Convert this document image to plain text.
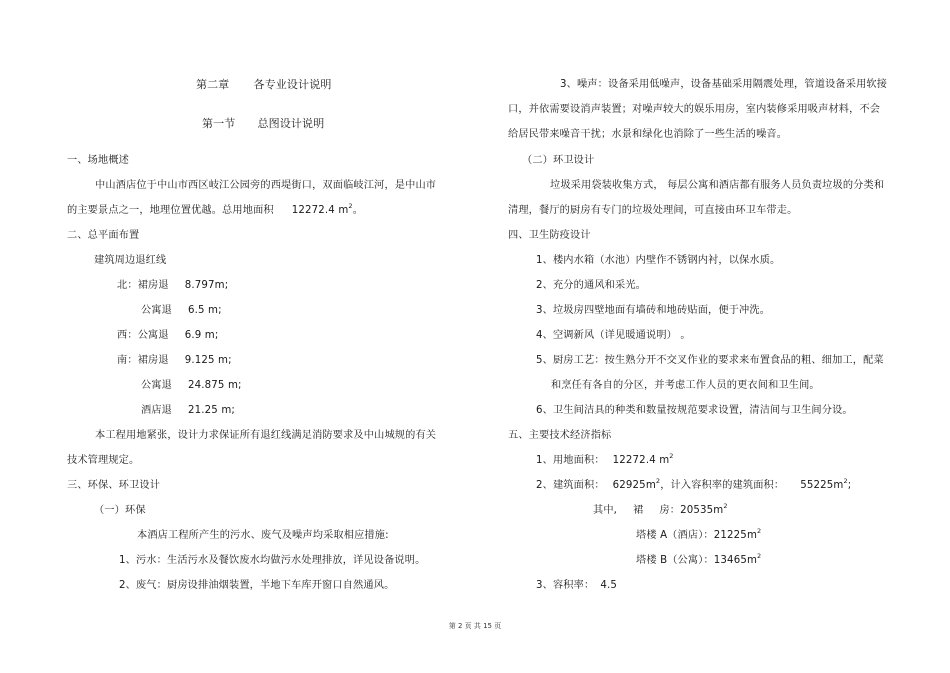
第二章 各专业设计说明
第一节 总图设计说明
一、场地概述
中山酒店位于中山市西区岐江公园旁的西堤街口，双面临岐江河，是中山市
的主要景点之一，地理位置优越。总用地面积 12272.4 $m^2$。
二、总平面布置
建筑周边退红线
北：裙房退 8.797m;
公寓退 6.5 m;
西：公寓退 6.9 m;
南：裙房退 9.125 m;
公寓退 24.875 m;
酒店退 21.25 m;
本工程用地紧张，设计力求保证所有退红线满足消防要求及中山城规的有关
技术管理规定。
三、环保、环卫设计
（一）环保
本酒店工程所产生的污水、废气及噪声均采取相应措施:
1、污水：生活污水及餐饮废水均做污水处理排放，详见设备说明。
2、废气：厨房设排油烟装置，半地下车库开窗口自然通风。
3、噪声：设备采用低噪声，设备基础采用隔震处理，管道设备采用软接
口，并依需要设消声装置；对噪声较大的娱乐用房，室内装修采用吸声材料，不会
给居民带来噪音干扰；水景和绿化也消除了一些生活的噪音。
（二）环卫设计
垃圾采用袋装收集方式， 每层公寓和酒店都有服务人员负责垃圾的分类和
清理，餐厅的厨房有专门的垃圾处理间，可直接由环卫车带走。
四、卫生防疫设计
1、楼内水箱（水池）内壁作不锈钢内衬，以保水质。
2、充分的通风和采光。
3、垃圾房四壁地面有墙砖和地砖贴面，便于冲洗。
4、空调新风（详见暖通说明） 。
5、厨房工艺：按生熟分开不交叉作业的要求来布置食品的粗、细加工，配菜
和烹任有各自的分区，并考虑工作人员的更衣间和卫生间。
6、卫生间洁具的种类和数量按规范要求设置，清洁间与卫生间分设。
五、主要技术经济指标
1、用地面积： 12272.4 $m^2$
2、建筑面积： $62925m^2$，计入容积率的建筑面积： $55225m^2$;
其中, 裙 房：$20535m^2$
塔楼 A（酒店）：$21225m^2$
塔楼 B（公寓）：$13465m^2$
3、容积率： 4.5
第 2 页 共 15 页
